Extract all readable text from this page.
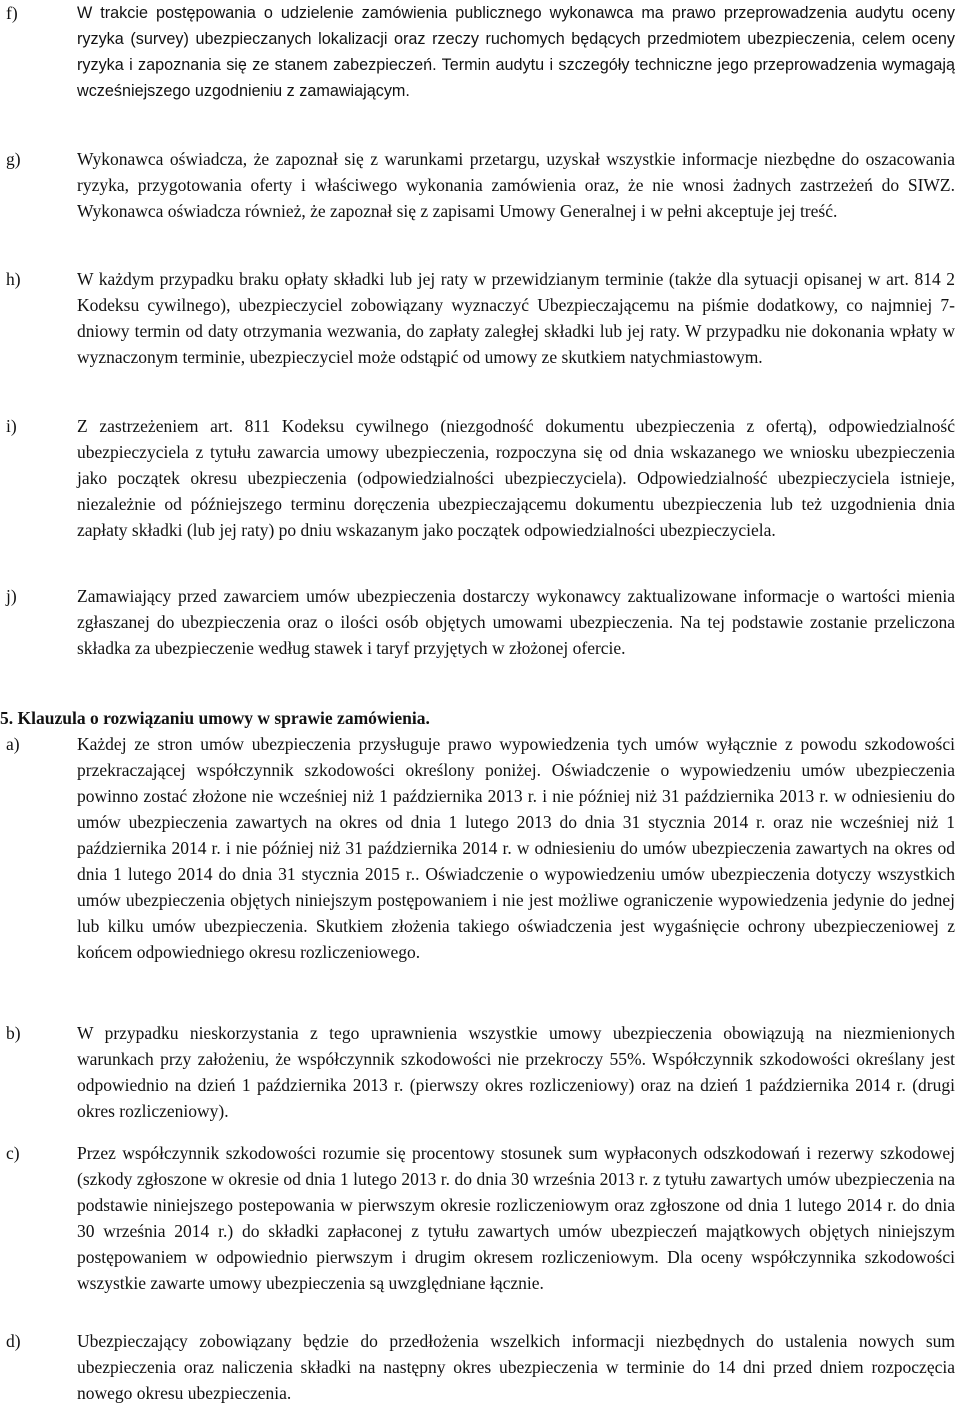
f)	W trakcie postępowania o udzielenie zamówienia publicznego wykonawca ma prawo przeprowadzenia audytu oceny ryzyka (survey) ubezpieczanych lokalizacji oraz rzeczy ruchomych będących przedmiotem ubezpieczenia, celem oceny ryzyka i zapoznania się ze stanem zabezpieczeń. Termin audytu i szczegóły techniczne jego przeprowadzenia wymagają wcześniejszego uzgodnieniu z zamawiającym.
g)	Wykonawca oświadcza, że zapoznał się z warunkami przetargu, uzyskał wszystkie informacje niezbędne do oszacowania ryzyka, przygotowania oferty i właściwego wykonania zamówienia oraz, że nie wnosi żadnych zastrzeżeń do SIWZ. Wykonawca oświadcza również, że zapoznał się z zapisami Umowy Generalnej i w pełni akceptuje jej treść.
h)	W każdym przypadku braku opłaty składki lub jej raty w przewidzianym terminie (także dla sytuacji opisanej w art. 814 2 Kodeksu cywilnego), ubezpieczyciel zobowiązany wyznaczyć Ubezpieczającemu na piśmie dodatkowy, co najmniej 7-dniowy termin od daty otrzymania wezwania, do zapłaty zaległej składki lub jej raty. W przypadku nie dokonania wpłaty w wyznaczonym terminie, ubezpieczyciel może odstąpić od umowy ze skutkiem natychmiastowym.
i)	Z zastrzeżeniem art. 811 Kodeksu cywilnego (niezgodność dokumentu ubezpieczenia z ofertą), odpowiedzialność ubezpieczyciela z tytułu zawarcia umowy ubezpieczenia, rozpoczyna się od dnia wskazanego we wniosku ubezpieczenia jako początek okresu ubezpieczenia (odpowiedzialności ubezpieczyciela). Odpowiedzialność ubezpieczyciela istnieje, niezależnie od późniejszego terminu doręczenia ubezpieczającemu dokumentu ubezpieczenia lub też uzgodnienia dnia zapłaty składki (lub jej raty) po dniu wskazanym jako początek odpowiedzialności ubezpieczyciela.
j)	Zamawiający przed zawarciem umów ubezpieczenia dostarczy wykonawcy zaktualizowane informacje o wartości mienia zgłaszanej do ubezpieczenia oraz o ilości osób objętych umowami ubezpieczenia. Na tej podstawie zostanie przeliczona składka za ubezpieczenie według stawek i taryf przyjętych w złożonej ofercie.
5. Klauzula o rozwiązaniu umowy w sprawie zamówienia.
a)	Każdej ze stron umów ubezpieczenia przysługuje prawo wypowiedzenia tych umów wyłącznie z powodu szkodowości przekraczającej współczynnik szkodowości określony poniżej. Oświadczenie o wypowiedzeniu umów ubezpieczenia powinno zostać złożone nie wcześniej niż 1 października 2013 r. i nie później niż 31 października 2013 r. w odniesieniu do umów ubezpieczenia zawartych na okres od dnia 1 lutego 2013 do dnia 31 stycznia 2014 r. oraz nie wcześniej niż 1 października 2014 r. i nie później niż 31 października 2014 r. w odniesieniu do umów ubezpieczenia zawartych na okres od dnia 1 lutego 2014 do dnia 31 stycznia 2015 r.. Oświadczenie o wypowiedzeniu umów ubezpieczenia dotyczy wszystkich umów ubezpieczenia objętych niniejszym postępowaniem i nie jest możliwe ograniczenie wypowiedzenia jedynie do jednej lub kilku umów ubezpieczenia. Skutkiem złożenia takiego oświadczenia jest wygaśnięcie ochrony ubezpieczeniowej z końcem odpowiedniego okresu rozliczeniowego.
b)	W przypadku nieskorzystania z tego uprawnienia wszystkie umowy ubezpieczenia obowiązują na niezmienionych warunkach przy założeniu, że współczynnik szkodowości nie przekroczy 55%. Współczynnik szkodowości określany jest odpowiednio na dzień 1 października 2013 r. (pierwszy okres rozliczeniowy) oraz na dzień 1 października 2014 r. (drugi okres rozliczeniowy).
c)	Przez współczynnik szkodowości rozumie się procentowy stosunek sum wypłaconych odszkodowań i rezerwy szkodowej (szkody zgłoszone w okresie od dnia 1 lutego 2013 r. do dnia 30 września 2013 r. z tytułu zawartych umów ubezpieczenia na podstawie niniejszego postepowania w pierwszym okresie rozliczeniowym oraz zgłoszone od dnia 1 lutego 2014 r. do dnia 30 września 2014 r.) do składki zapłaconej z tytułu zawartych umów ubezpieczeń majątkowych objętych niniejszym postępowaniem w odpowiednio pierwszym i drugim okresem rozliczeniowym. Dla oceny współczynnika szkodowości wszystkie zawarte umowy ubezpieczenia są uwzględniane łącznie.
d)	Ubezpieczający zobowiązany będzie do przedłożenia wszelkich informacji niezbędnych do ustalenia nowych sum ubezpieczenia oraz naliczenia składki na następny okres ubezpieczenia w terminie do 14 dni przed dniem rozpoczęcia nowego okresu ubezpieczenia.
